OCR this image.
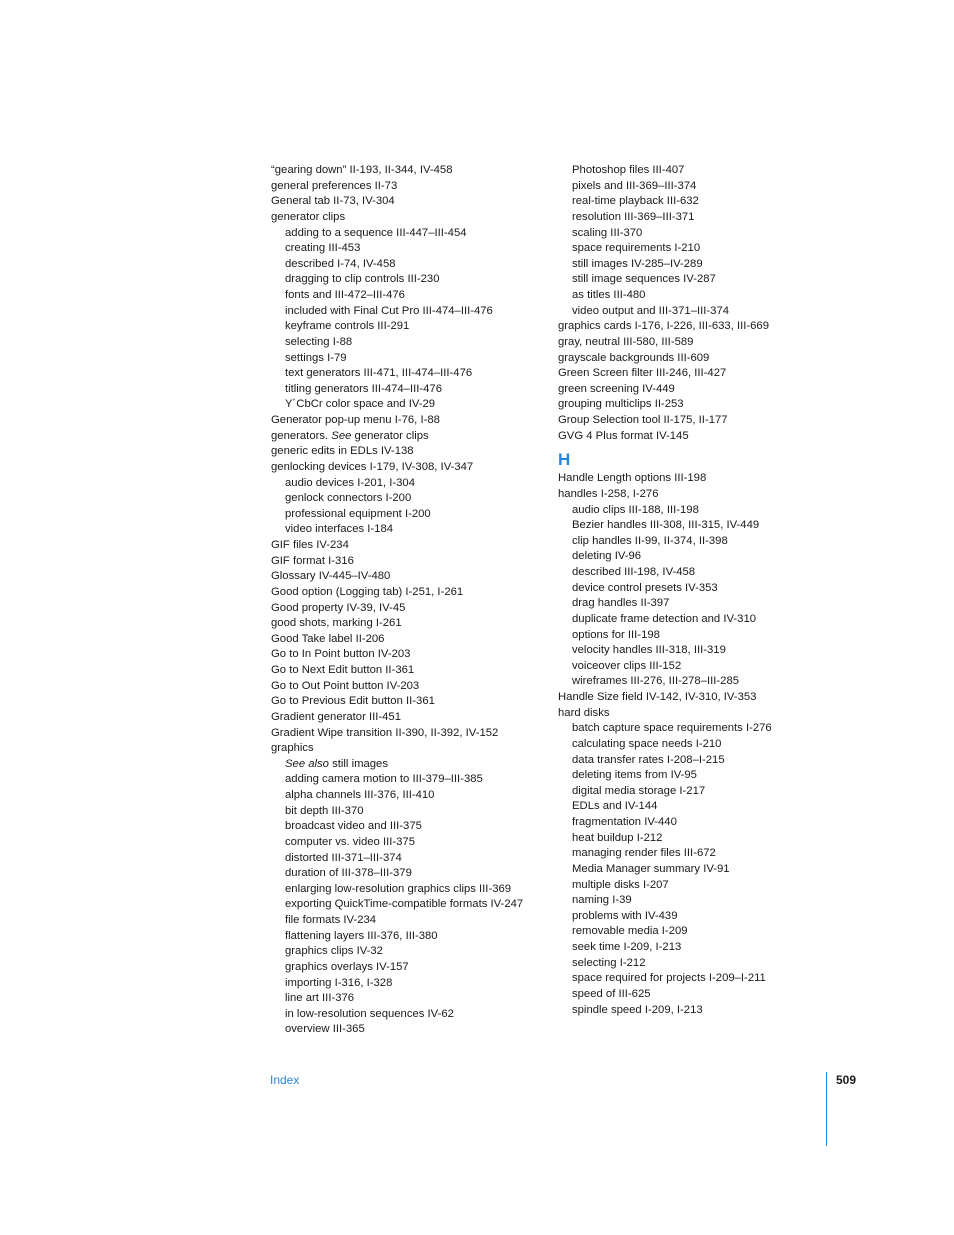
“gearing down” II-193, II-344, IV-458
general preferences II-73
General tab II-73, IV-304
generator clips
adding to a sequence III-447–III-454
creating III-453
described I-74, IV-458
dragging to clip controls III-230
fonts and III-472–III-476
included with Final Cut Pro III-474–III-476
keyframe controls III-291
selecting I-88
settings I-79
text generators III-471, III-474–III-476
titling generators III-474–III-476
Y´CbCr color space and IV-29
Generator pop-up menu I-76, I-88
generators. See generator clips
generic edits in EDLs IV-138
genlocking devices I-179, IV-308, IV-347
audio devices I-201, I-304
genlock connectors I-200
professional equipment I-200
video interfaces I-184
GIF files IV-234
GIF format I-316
Glossary IV-445–IV-480
Good option (Logging tab) I-251, I-261
Good property IV-39, IV-45
good shots, marking I-261
Good Take label II-206
Go to In Point button IV-203
Go to Next Edit button II-361
Go to Out Point button IV-203
Go to Previous Edit button II-361
Gradient generator III-451
Gradient Wipe transition II-390, II-392, IV-152
graphics
See also still images
adding camera motion to III-379–III-385
alpha channels III-376, III-410
bit depth III-370
broadcast video and III-375
computer vs. video III-375
distorted III-371–III-374
duration of III-378–III-379
enlarging low-resolution graphics clips III-369
exporting QuickTime-compatible formats IV-247
file formats IV-234
flattening layers III-376, III-380
graphics clips IV-32
graphics overlays IV-157
importing I-316, I-328
line art III-376
in low-resolution sequences IV-62
overview III-365
Photoshop files III-407
pixels and III-369–III-374
real-time playback III-632
resolution III-369–III-371
scaling III-370
space requirements I-210
still images IV-285–IV-289
still image sequences IV-287
as titles III-480
video output and III-371–III-374
graphics cards I-176, I-226, III-633, III-669
gray, neutral III-580, III-589
grayscale backgrounds III-609
Green Screen filter III-246, III-427
green screening IV-449
grouping multiclips II-253
Group Selection tool II-175, II-177
GVG 4 Plus format IV-145
H
Handle Length options III-198
handles I-258, I-276
audio clips III-188, III-198
Bezier handles III-308, III-315, IV-449
clip handles II-99, II-374, II-398
deleting IV-96
described III-198, IV-458
device control presets IV-353
drag handles II-397
duplicate frame detection and IV-310
options for III-198
velocity handles III-318, III-319
voiceover clips III-152
wireframes III-276, III-278–III-285
Handle Size field IV-142, IV-310, IV-353
hard disks
batch capture space requirements I-276
calculating space needs I-210
data transfer rates I-208–I-215
deleting items from IV-95
digital media storage I-217
EDLs and IV-144
fragmentation IV-440
heat buildup I-212
managing render files III-672
Media Manager summary IV-91
multiple disks I-207
naming I-39
problems with IV-439
removable media I-209
seek time I-209, I-213
selecting I-212
space required for projects I-209–I-211
speed of III-625
spindle speed I-209, I-213
Index	509
